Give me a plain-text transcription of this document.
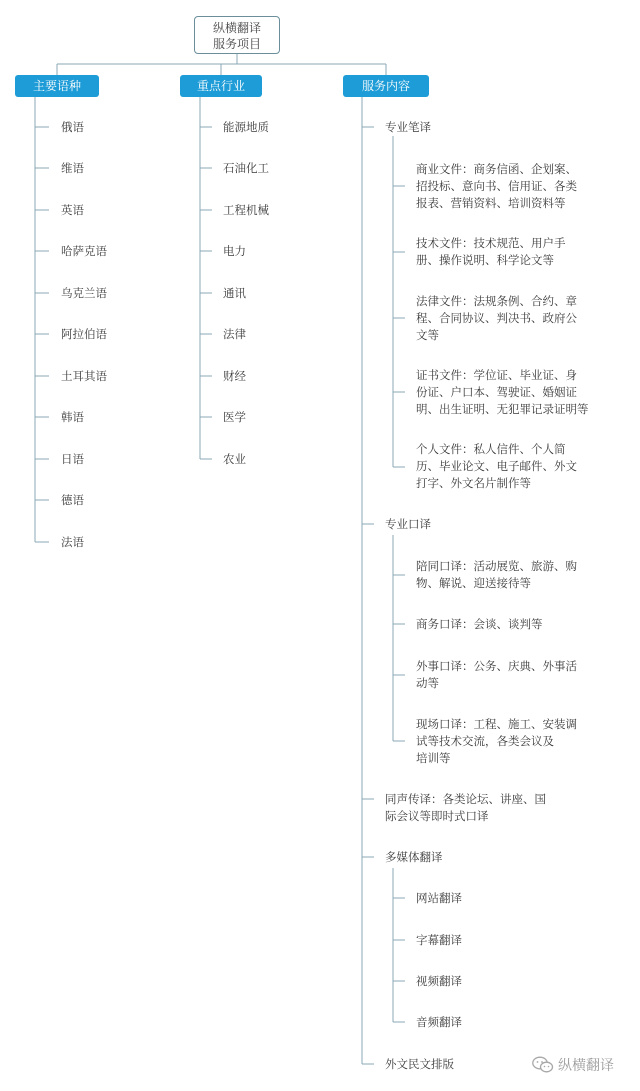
纵横翻译
服务项目
主要语种	重点行业	服务内容
俄语
维语
英语
哈萨克语
乌克兰语
阿拉伯语
土耳其语
韩语
日语
德语
法语
能源地质
石油化工
工程机械
电力
通讯
法律
财经
医学
农业
专业笔译
商业文件：商务信函、企划案、
招投标、意向书、信用证、各类
报表、营销资料、培训资料等
技术文件：技术规范、用户手
册、操作说明、科学论文等
法律文件：法规条例、合约、章
程、合同协议、判决书、政府公
文等
证书文件：学位证、毕业证、身
份证、户口本、驾驶证、婚姻证
明、出生证明、无犯罪记录证明等
个人文件：私人信件、个人简
历、毕业论文、电子邮件、外文
打字、外文名片制作等
专业口译
陪同口译：活动展览、旅游、购
物、解说、迎送接待等
商务口译：会谈、谈判等
外事口译：公务、庆典、外事活
动等
现场口译：工程、施工、安装调
试等技术交流，各类会议及
培训等
同声传译：各类论坛、讲座、国
际会议等即时式口译
多媒体翻译
网站翻译
字幕翻译
视频翻译
音频翻译
外文民文排版	纵横翻译
